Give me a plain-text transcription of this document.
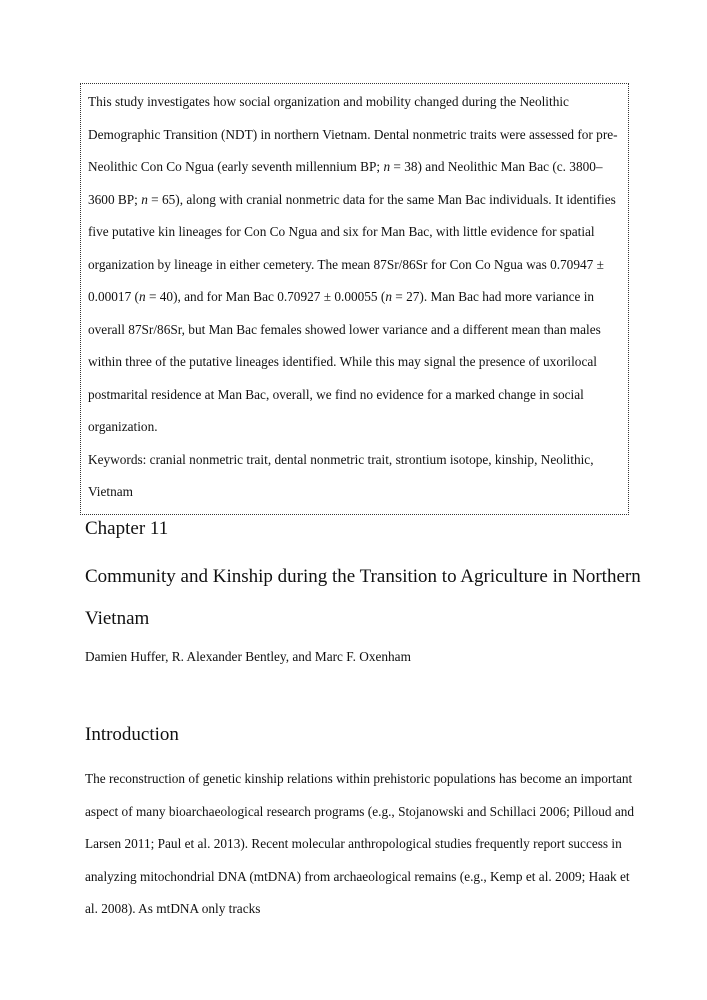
This study investigates how social organization and mobility changed during the Neolithic Demographic Transition (NDT) in northern Vietnam. Dental nonmetric traits were assessed for pre-Neolithic Con Co Ngua (early seventh millennium BP; n = 38) and Neolithic Man Bac (c. 3800–3600 BP; n = 65), along with cranial nonmetric data for the same Man Bac individuals. It identifies five putative kin lineages for Con Co Ngua and six for Man Bac, with little evidence for spatial organization by lineage in either cemetery. The mean 87Sr/86Sr for Con Co Ngua was 0.70947 ± 0.00017 (n = 40), and for Man Bac 0.70927 ± 0.00055 (n = 27). Man Bac had more variance in overall 87Sr/86Sr, but Man Bac females showed lower variance and a different mean than males within three of the putative lineages identified. While this may signal the presence of uxorilocal postmarital residence at Man Bac, overall, we find no evidence for a marked change in social organization.

Keywords: cranial nonmetric trait, dental nonmetric trait, strontium isotope, kinship, Neolithic, Vietnam

Chapter 11

Community and Kinship during the Transition to Agriculture in Northern Vietnam

Damien Huffer, R. Alexander Bentley, and Marc F. Oxenham

Introduction

The reconstruction of genetic kinship relations within prehistoric populations has become an important aspect of many bioarchaeological research programs (e.g., Stojanowski and Schillaci 2006; Pilloud and Larsen 2011; Paul et al. 2013). Recent molecular anthropological studies frequently report success in analyzing mitochondrial DNA (mtDNA) from archaeological remains (e.g., Kemp et al. 2009; Haak et al. 2008). As mtDNA only tracks
